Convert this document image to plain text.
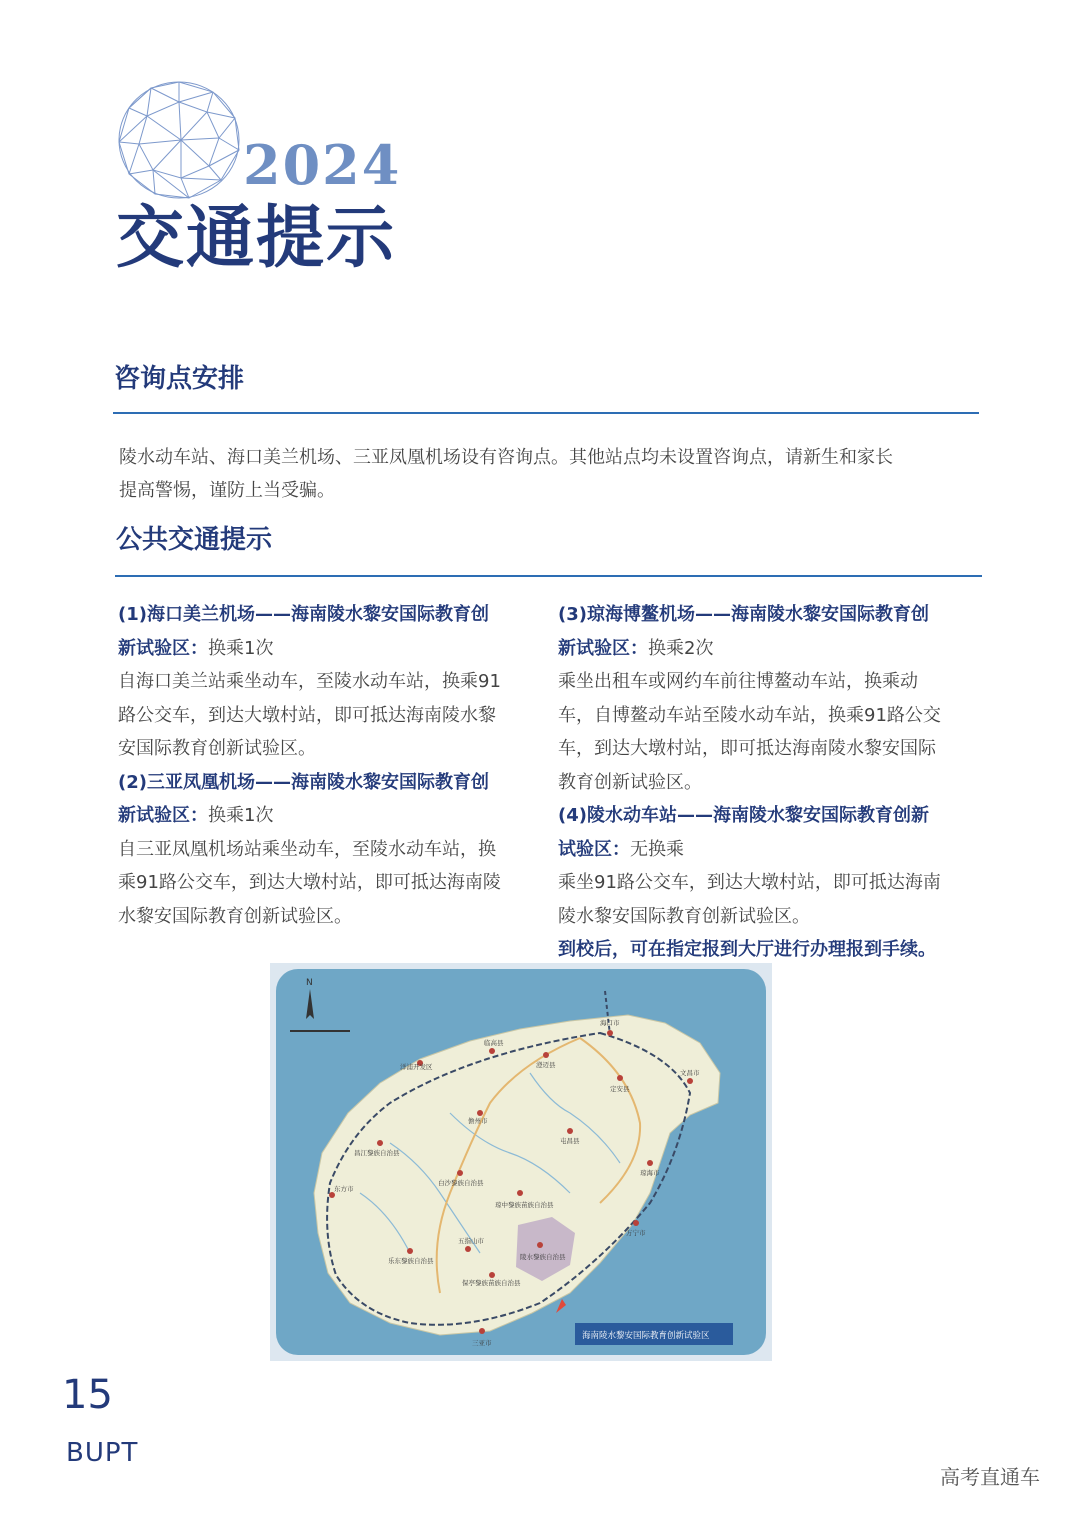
2024
交通提示
咨询点安排
陵水动车站、海口美兰机场、三亚凤凰机场设有咨询点。其他站点均未设置咨询点，请新生和家长
提高警惕，谨防上当受骗。
公共交通提示
(1)海口美兰机场——海南陵水黎安国际教育创
新试验区：换乘1次
自海口美兰站乘坐动车，至陵水动车站，换乘91
路公交车，到达大墩村站，即可抵达海南陵水黎
安国际教育创新试验区。
(2)三亚凤凰机场——海南陵水黎安国际教育创
新试验区：换乘1次
自三亚凤凰机场站乘坐动车，至陵水动车站，换
乘91路公交车，到达大墩村站，即可抵达海南陵
水黎安国际教育创新试验区。
(3)琼海博鳌机场——海南陵水黎安国际教育创
新试验区：换乘2次
乘坐出租车或网约车前往博鳌动车站，换乘动
车，自博鳌动车站至陵水动车站，换乘91路公交
车，到达大墩村站，即可抵达海南陵水黎安国际
教育创新试验区。
(4)陵水动车站——海南陵水黎安国际教育创新
试验区：无换乘
乘坐91路公交车，到达大墩村站，即可抵达海南
陵水黎安国际教育创新试验区。
到校后，可在指定报到大厅进行办理报到手续。
N
海口市
临高县
澄迈县
文昌市
定安县
屯昌县
琼海市
万宁市
儋州市
洋浦开发区
琼中黎族苗族自治县
白沙黎族自治县
昌江黎族自治县
东方市
乐东黎族自治县
五指山市
保亭黎族苗族自治县
陵水黎族自治县
三亚市
海南陵水黎安国际教育创新试验区
15
BUPT
高考直通车
